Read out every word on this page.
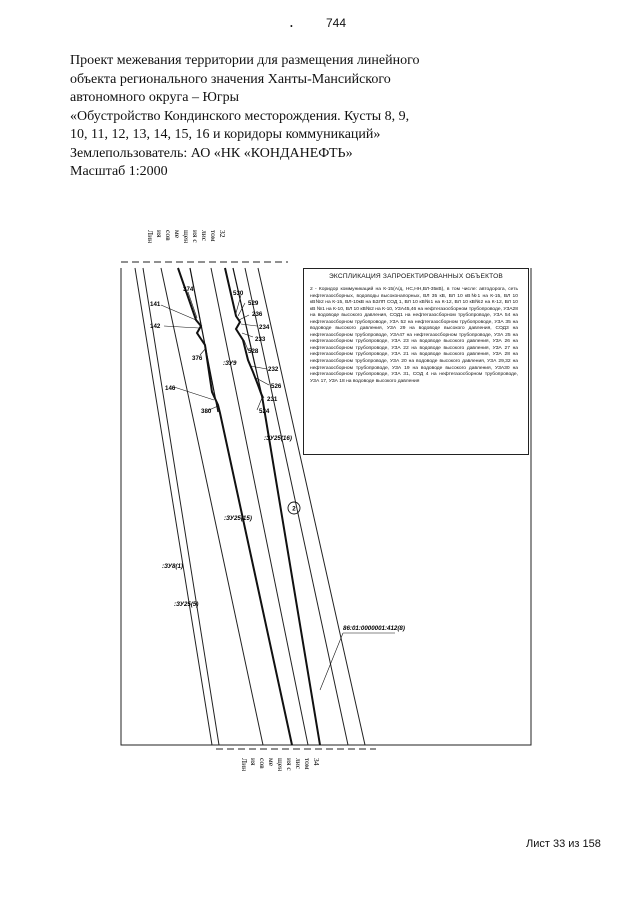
744
•
Проект межевания территории для размещения линейного
объекта регионального значения Ханты-Мансийского
автономного округа – Югры
«Обустройство Кондинского месторождения. Кусты 8, 9,
10, 11, 12, 13, 14, 15, 16 и коридоры коммуникаций»
Землепользователь: АО «НК «КОНДАНЕФТЬ»
Масштаб 1:2000
374
141
142
376
146
380
530
529
236
234
233
528
232
526
231
524
:ЗУ9
:ЗУ25(16)
:ЗУ25(15)
:ЗУ8(1)
:ЗУ25(5)
86:01:0000001:412(8)
2
Лин ия сов ме щен ия с лис том 32
Лин ия сов ме щен ия с лис том 34
ЭКСПЛИКАЦИЯ ЗАПРОЕКТИРОВАННЫХ ОБЪЕКТОВ
2 - Коридор коммуникаций на К-15(А/д, НС,НН,ВЛ-35кВ), в том числе: автодорога, сеть нефтегазосборных, водоводы высоконапорных, ВЛ 35 кВ, ВЛ 10 кВ№1 на К-15, ВЛ 10 кВ№2 на К-15, ВЛ-10кВ на БЗЛП СОД 1, ВЛ 10 кВ№1 на К-12, ВЛ 10 кВ№2 на К-12, ВЛ 10 кВ №1 на К-10, ВЛ 10 кВ№2 на К-10, УЗА45,46 на нефтегазосборном трубопроводе, УЗА28 на водоводе высокого давления, СОД1 на нефтегазосборном трубопроводе, УЗА 54 на нефтегазосборном трубопроводе, УЗА 52 на нефтегазосборном трубопроводе, УЗА 35 на водоводе высокого давления, УЗА 29 на водоводе высокого давления, СОД3 на нефтегазосборном трубопроводе, УЗА47 на нефтегазосборном трубопроводе, УЗА 25 на нефтегазосборном трубопроводе, УЗА 23 на водоводе высокого давления, УЗА 26 на нефтегазосборном трубопроводе, УЗА 22 на водоводе высокого давления, УЗА 27 на нефтегазосборном трубопроводе, УЗА 21 на водоводе высокого давления, УЗА 28 на нефтегазосборном трубопроводе, УЗА 20 на водоводе высокого давления, УЗА 29,32 на нефтегазосборном трубопроводе, УЗА 19 на водоводе высокого давления, УЗА30 на нефтегазосборном трубопроводе, УЗА 31, СОД 4 на нефтегазосборном трубопроводе, УЗА 17, УЗА 18 на водоводе высокого давления
Лист 33 из 158
